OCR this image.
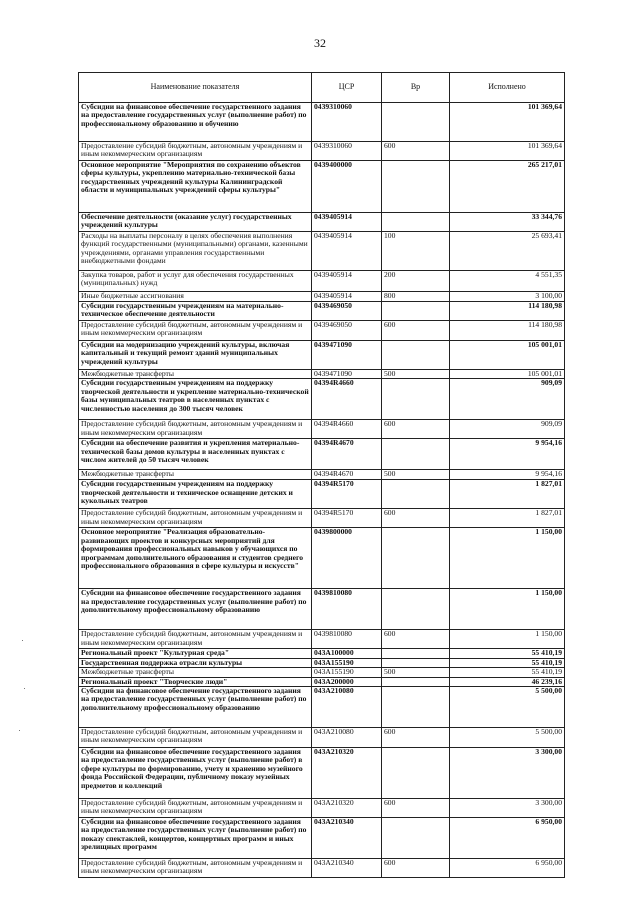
32
Наименование показателя	ЦСР	Вр	Исполнено
Субсидии на финансовое обеспечение государственного задания на предоставление государственных услуг (выполнение работ) по профессиональному образованию и обучению	0439310060		101 369,64
Предоставление субсидий бюджетным, автономным учреждениям и иным некоммерческим организациям	0439310060	600	101 369,64
Основное мероприятие "Мероприятия по сохранению объектов сферы культуры, укреплению материально-технической базы государственных учреждений культуры Калининградской области и муниципальных учреждений сферы культуры"	0439400000		265 217,01
Обеспечение деятельности (оказание услуг) государственных учреждений культуры	0439405914		33 344,76
Расходы на выплаты персоналу в целях обеспечения выполнения функций государственными (муниципальными) органами, казенными учреждениями, органами управления государственными внебюджетными фондами	0439405914	100	25 693,41
Закупка товаров, работ и услуг для обеспечения государственных (муниципальных) нужд	0439405914	200	4 551,35
Иные бюджетные ассигнования	0439405914	800	3 100,00
Субсидии государственным учреждениям на материально-техническое обеспечение деятельности	0439469050		114 180,98
Предоставление субсидий бюджетным, автономным учреждениям и иным некоммерческим организациям	0439469050	600	114 180,98
Субсидии на модернизацию учреждений культуры, включая капитальный и текущий ремонт зданий муниципальных учреждений культуры	0439471090		105 001,01
Межбюджетные трансферты	0439471090	500	105 001,01
Субсидии государственным учреждениям на поддержку творческой деятельности и укрепление материально-технической базы муниципальных театров в населенных пунктах с численностью населения до 300 тысяч человек	04394R4660		909,09
Предоставление субсидий бюджетным, автономным учреждениям и иным некоммерческим организациям	04394R4660	600	909,09
Субсидии на обеспечение развития и укрепления материально-технической базы домов культуры в населенных пунктах с числом жителей до 50 тысяч человек	04394R4670		9 954,16
Межбюджетные трансферты	04394R4670	500	9 954,16
Субсидии государственным учреждениям на поддержку творческой деятельности и техническое оснащение детских и кукольных театров	04394R5170		1 827,01
Предоставление субсидий бюджетным, автономным учреждениям и иным некоммерческим организациям	04394R5170	600	1 827,01
Основное мероприятие "Реализация образовательно-развивающих проектов и конкурсных мероприятий для формирования профессиональных навыков у обучающихся по программам дополнительного образования и студентов среднего профессионального образования в сфере культуры и искусств"	0439800000		1 150,00
Субсидии на финансовое обеспечение государственного задания на предоставление государственных услуг (выполнение работ) по дополнительному профессиональному образованию	0439810080		1 150,00
Предоставление субсидий бюджетным, автономным учреждениям и иным некоммерческим организациям	0439810080	600	1 150,00
Региональный проект "Культурная среда"	043A100000		55 410,19
Государственная поддержка отрасли культуры	043A155190		55 410,19
Межбюджетные трансферты	043A155190	500	55 410,19
Региональный проект "Творческие люди"	043A200000		46 239,16
Субсидии на финансовое обеспечение государственного задания на предоставление государственных услуг (выполнение работ) по дополнительному профессиональному образованию	043A210080		5 500,00
Предоставление субсидий бюджетным, автономным учреждениям и иным некоммерческим организациям	043A210080	600	5 500,00
Субсидии на финансовое обеспечение государственного задания на предоставление государственных услуг (выполнение работ) в сфере культуры по формированию, учету и хранению музейного фонда Российской Федерации, публичному показу музейных предметов и коллекций	043A210320		3 300,00
Предоставление субсидий бюджетным, автономным учреждениям и иным некоммерческим организациям	043A210320	600	3 300,00
Субсидии на финансовое обеспечение государственного задания на предоставление государственных услуг (выполнение работ) по показу спектаклей, концертов, концертных программ и иных зрелищных программ	043A210340		6 950,00
Предоставление субсидий бюджетным, автономным учреждениям и иным некоммерческим организациям	043A210340	600	6 950,00
